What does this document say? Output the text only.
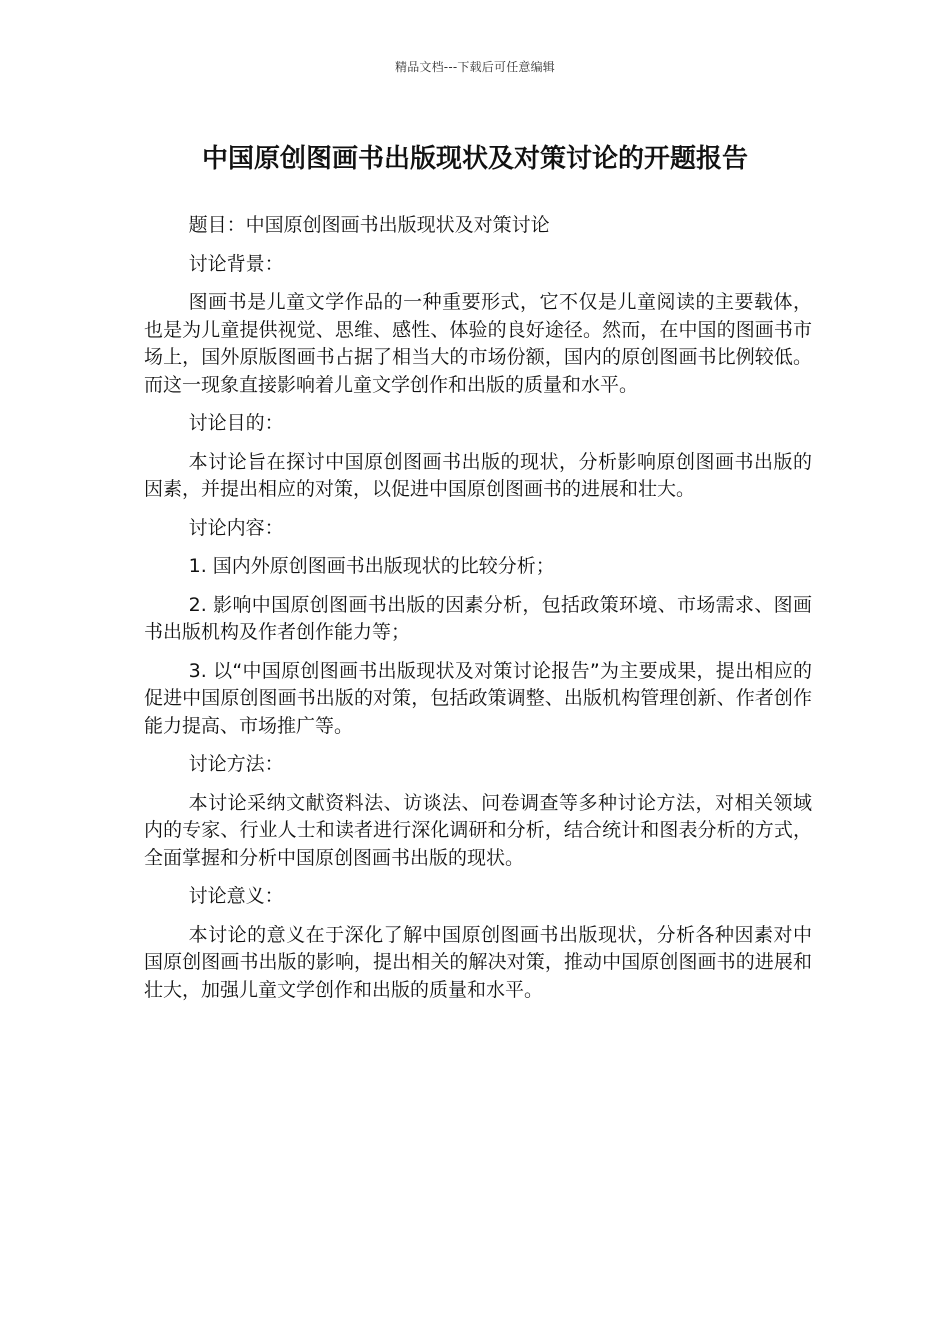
精品文档---下载后可任意编辑
中国原创图画书出版现状及对策讨论的开题报告

题目：中国原创图画书出版现状及对策讨论

讨论背景：

图画书是儿童文学作品的一种重要形式，它不仅是儿童阅读的主要载体，也是为儿童提供视觉、思维、感性、体验的良好途径。然而，在中国的图画书市场上，国外原版图画书占据了相当大的市场份额，国内的原创图画书比例较低。而这一现象直接影响着儿童文学创作和出版的质量和水平。

讨论目的：

本讨论旨在探讨中国原创图画书出版的现状，分析影响原创图画书出版的因素，并提出相应的对策，以促进中国原创图画书的进展和壮大。

讨论内容：

1. 国内外原创图画书出版现状的比较分析；

2. 影响中国原创图画书出版的因素分析，包括政策环境、市场需求、图画书出版机构及作者创作能力等；

3. 以“中国原创图画书出版现状及对策讨论报告”为主要成果，提出相应的促进中国原创图画书出版的对策，包括政策调整、出版机构管理创新、作者创作能力提高、市场推广等。

讨论方法：

本讨论采纳文献资料法、访谈法、问卷调查等多种讨论方法，对相关领域内的专家、行业人士和读者进行深化调研和分析，结合统计和图表分析的方式，全面掌握和分析中国原创图画书出版的现状。

讨论意义：

本讨论的意义在于深化了解中国原创图画书出版现状，分析各种因素对中国原创图画书出版的影响，提出相关的解决对策，推动中国原创图画书的进展和壮大，加强儿童文学创作和出版的质量和水平。
